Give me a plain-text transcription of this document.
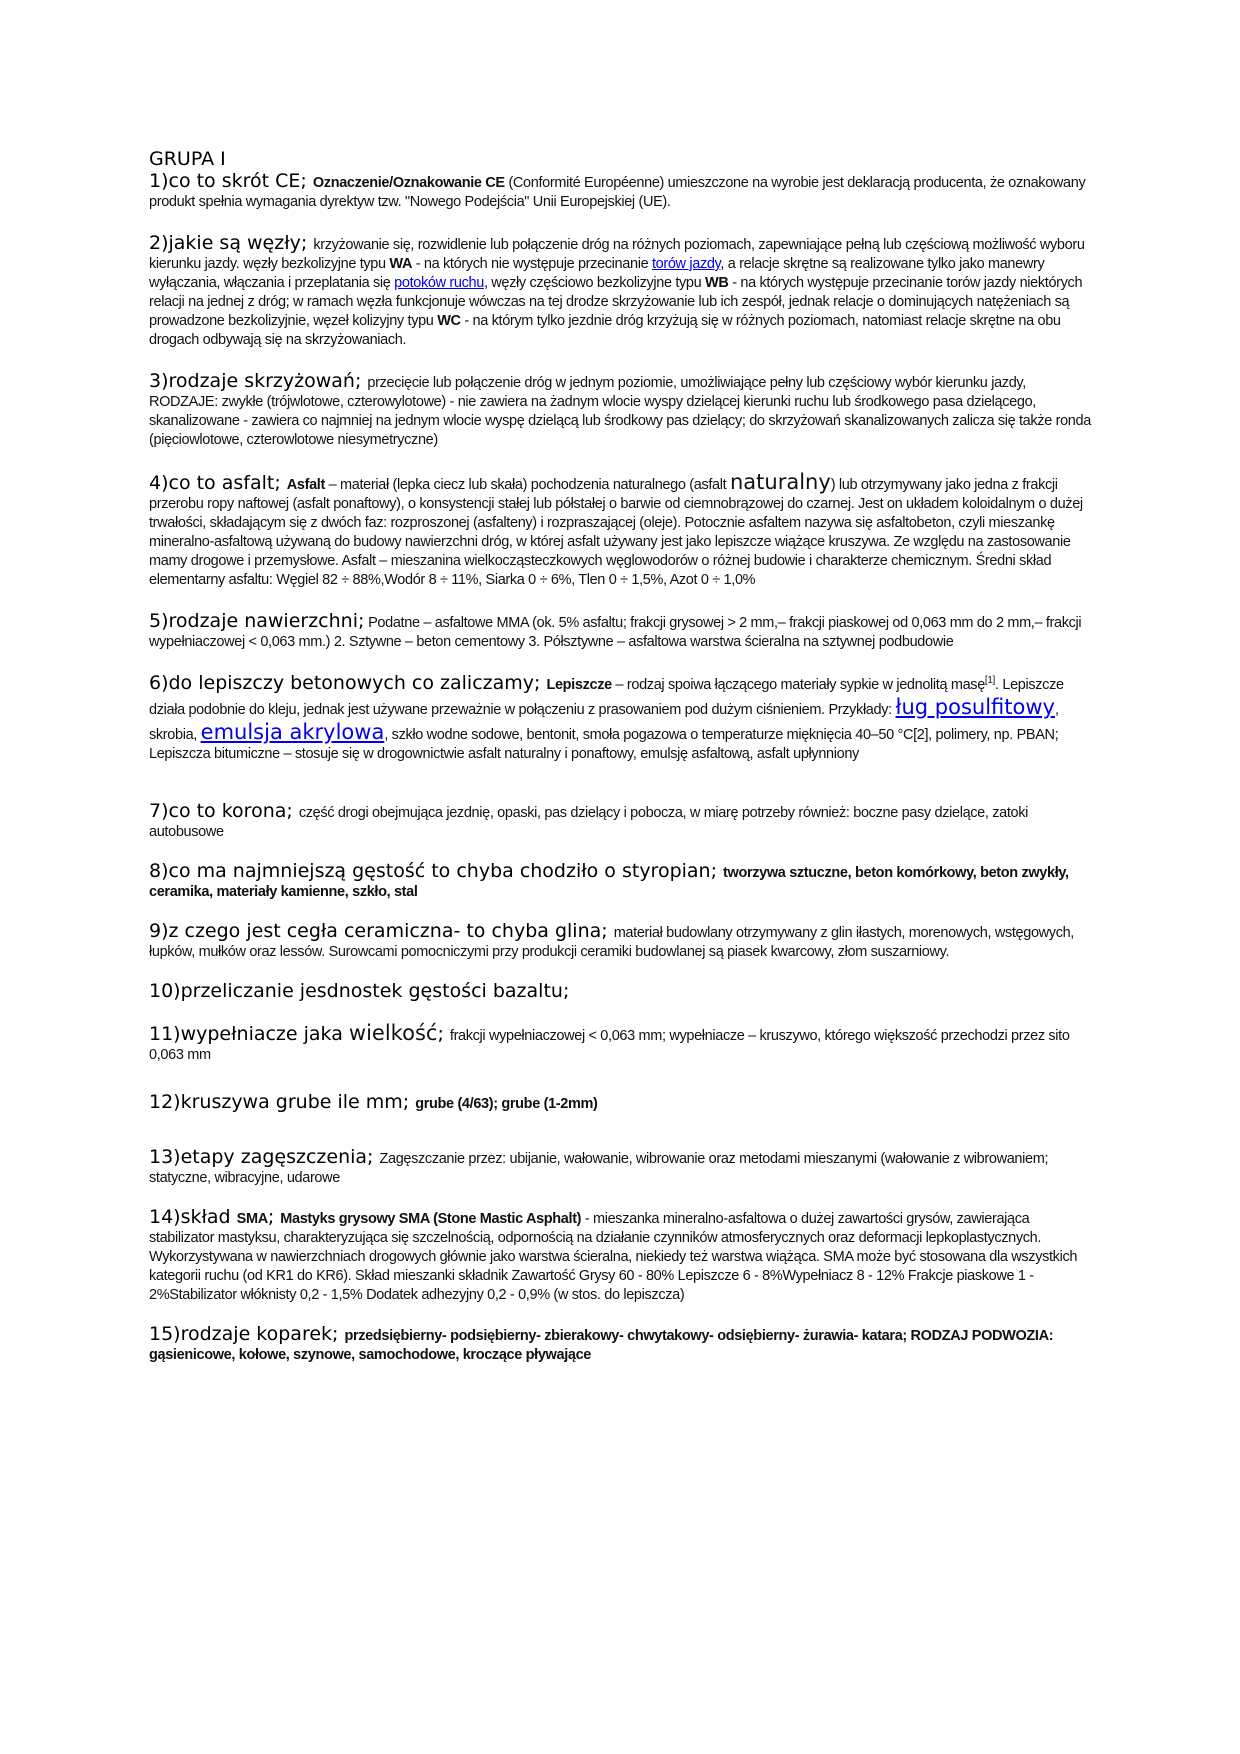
GRUPA I
1)co to skrót CE; Oznaczenie/Oznakowanie CE (Conformité Européenne) umieszczone na wyrobie jest deklaracją producenta, że oznakowany produkt spełnia wymagania dyrektyw tzw. "Nowego Podejścia" Unii Europejskiej (UE).
2)jakie są węzły; krzyżowanie się, rozwidlenie lub połączenie dróg na różnych poziomach, zapewniające pełną lub częściową możliwość wyboru kierunku jazdy. węzły bezkolizyjne typu WA - na których nie występuje przecinanie torów jazdy, a relacje skrętne są realizowane tylko jako manewry wyłączania, włączania i przeplatania się potoków ruchu, węzły częściowo bezkolizyjne typu WB - na których występuje przecinanie torów jazdy niektórych relacji na jednej z dróg; w ramach węzła funkcjonuje wówczas na tej drodze skrzyżowanie lub ich zespół, jednak relacje o dominujących natężeniach są prowadzone bezkolizyjnie, węzeł kolizyjny typu WC - na którym tylko jezdnie dróg krzyżują się w różnych poziomach, natomiast relacje skrętne na obu drogach odbywają się na skrzyżowaniach.
3)rodzaje skrzyżowań; przecięcie lub połączenie dróg w jednym poziomie, umożliwiające pełny lub częściowy wybór kierunku jazdy, RODZAJE: zwykłe (trójwlotowe, czterowylotowe) - nie zawiera na żadnym wlocie wyspy dzielącej kierunki ruchu lub środkowego pasa dzielącego, skanalizowane - zawiera co najmniej na jednym wlocie wyspę dzielącą lub środkowy pas dzielący; do skrzyżowań skanalizowanych zalicza się także ronda (pięciowlotowe, czterowlotowe niesymetryczne)
4)co to asfalt; Asfalt – materiał (lepka ciecz lub skała) pochodzenia naturalnego (asfalt naturalny) lub otrzymywany jako jedna z frakcji przerobu ropy naftowej (asfalt ponaftowy), o konsystencji stałej lub półstałej o barwie od ciemnobrązowej do czarnej. Jest on układem koloidalnym o dużej trwałości, składającym się z dwóch faz: rozproszonej (asfalteny) i rozpraszającej (oleje). Potocznie asfaltem nazywa się asfaltobeton, czyli mieszankę mineralno-asfaltową używaną do budowy nawierzchni dróg, w której asfalt używany jest jako lepiszcze wiążące kruszywa. Ze względu na zastosowanie mamy drogowe i przemysłowe. Asfalt – mieszanina wielkocząsteczkowych węglowodorów o różnej budowie i charakterze chemicznym. Średni skład elementarny asfaltu: Węgiel 82 ÷ 88%,Wodór 8 ÷ 11%, Siarka 0 ÷ 6%, Tlen 0 ÷ 1,5%, Azot 0 ÷ 1,0%
5)rodzaje nawierzchni; Podatne – asfaltowe MMA (ok. 5% asfaltu; frakcji grysowej > 2 mm,– frakcji piaskowej od 0,063 mm do 2 mm,– frakcji wypełniaczowej < 0,063 mm.) 2. Sztywne – beton cementowy 3. Półsztywne – asfaltowa warstwa ścieralna na sztywnej podbudowie
6)do lepiszczy betonowych co zaliczamy; Lepiszcze – rodzaj spoiwa łączącego materiały sypkie w jednolitą masę[1]. Lepiszcze działa podobnie do kleju, jednak jest używane przeważnie w połączeniu z prasowaniem pod dużym ciśnieniem. Przykłady: ług posulfitowy, skrobia, emulsja akrylowa, szkło wodne sodowe, bentonit, smoła pogazowa o temperaturze mięknięcia 40–50 °C[2], polimery, np. PBAN; Lepiszcza bitumiczne – stosuje się w drogownictwie asfalt naturalny i ponaftowy, emulsję asfaltową, asfalt upłynniony
7)co to korona; część drogi obejmująca jezdnię, opaski, pas dzielący i pobocza, w miarę potrzeby również: boczne pasy dzielące, zatoki autobusowe
8)co ma najmniejszą gęstość to chyba chodziło o styropian; tworzywa sztuczne, beton komórkowy, beton zwykły, ceramika, materiały kamienne, szkło, stal
9)z czego jest cegła ceramiczna- to chyba glina; materiał budowlany otrzymywany z glin iłastych, morenowych, wstęgowych, łupków, mułków oraz lessów. Surowcami pomocniczymi przy produkcji ceramiki budowlanej są piasek kwarcowy, złom suszarniowy.
10)przeliczanie jesdnostek gęstości bazaltu;
11)wypełniacze jaka wielkość; frakcji wypełniaczowej < 0,063 mm; wypełniacze – kruszywo, którego większość przechodzi przez sito 0,063 mm
12)kruszywa grube ile mm; grube (4/63); grube (1-2mm)
13)etapy zagęszczenia; Zagęszczanie przez: ubijanie, wałowanie, wibrowanie oraz metodami mieszanymi (wałowanie z wibrowaniem; statyczne, wibracyjne, udarowe
14)skład SMA; Mastyks grysowy SMA (Stone Mastic Asphalt) - mieszanka mineralno-asfaltowa o dużej zawartości grysów, zawierająca stabilizator mastyksu, charakteryzująca się szczelnością, odpornością na działanie czynników atmosferycznych oraz deformacji lepkoplastycznych. Wykorzystywana w nawierzchniach drogowych głównie jako warstwa ścieralna, niekiedy też warstwa wiążąca. SMA może być stosowana dla wszystkich kategorii ruchu (od KR1 do KR6). Skład mieszanki składnik Zawartość Grysy 60 - 80% Lepiszcze 6 - 8%Wypełniacz 8 - 12% Frakcje piaskowe 1 - 2%Stabilizator włóknisty 0,2 - 1,5% Dodatek adhezyjny 0,2 - 0,9% (w stos. do lepiszcza)
15)rodzaje koparek; przedsiębierny- podsiębierny- zbierakowy- chwytakowy- odsiębierny- żurawia- katara; RODZAJ PODWOZIA: gąsienicowe, kołowe, szynowe, samochodowe, kroczące pływające
